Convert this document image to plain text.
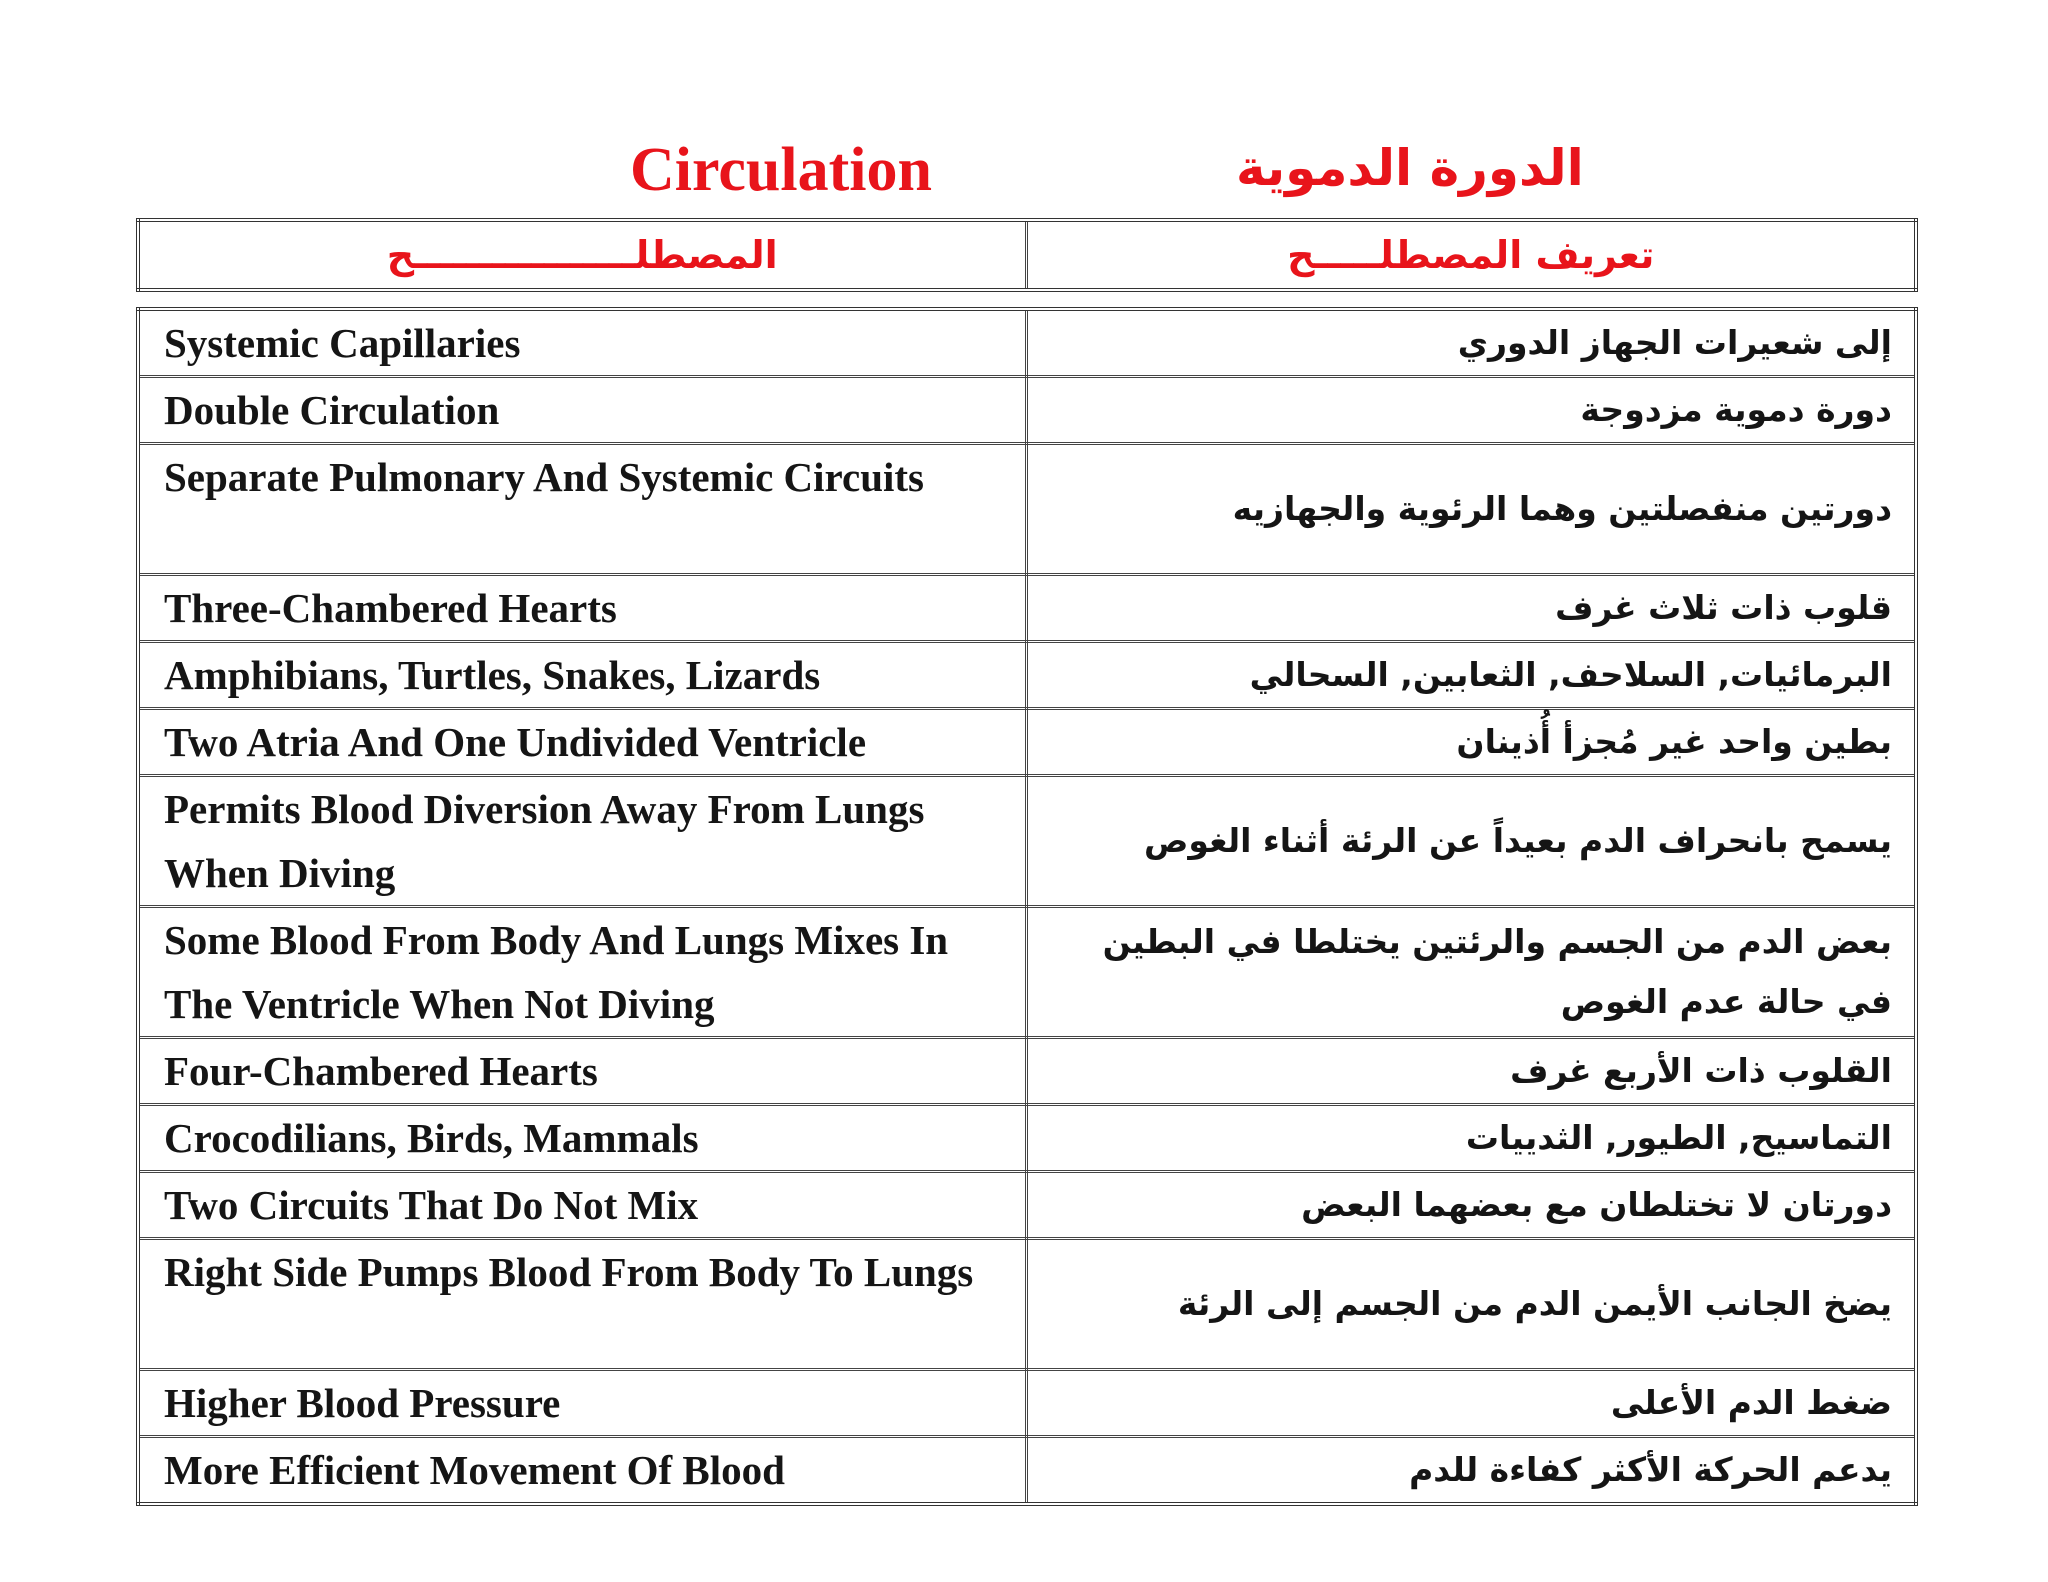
Circulation	الدورة الدموية
المصطلـــــــــــــــــح	تعريف المصطلـــــح
Systemic Capillaries	إلى شعيرات الجهاز الدوري
Double Circulation	دورة دموية مزدوجة
Separate Pulmonary And Systemic Circuits	دورتين منفصلتين وهما الرئوية والجهازيه
Three-Chambered Hearts	قلوب ذات ثلاث غرف
Amphibians, Turtles, Snakes, Lizards	البرمائيات, السلاحف, الثعابين, السحالي
Two Atria And One Undivided Ventricle	بطين واحد غير مُجزأ أُذينان
Permits Blood Diversion Away From Lungs When Diving	يسمح بانحراف الدم بعيداً عن الرئة أثناء الغوص
Some Blood From Body And Lungs Mixes In The Ventricle When Not Diving	بعض الدم من الجسم والرئتين يختلطا في البطين في حالة عدم الغوص
Four-Chambered Hearts	القلوب ذات الأربع غرف
Crocodilians, Birds, Mammals	التماسيح, الطيور, الثدييات
Two Circuits That Do Not Mix	دورتان لا تختلطان مع بعضهما البعض
Right Side Pumps Blood From Body To Lungs	يضخ الجانب الأيمن الدم من الجسم إلى الرئة
Higher Blood Pressure	ضغط الدم الأعلى
More Efficient Movement Of Blood	يدعم الحركة الأكثر كفاءة للدم
